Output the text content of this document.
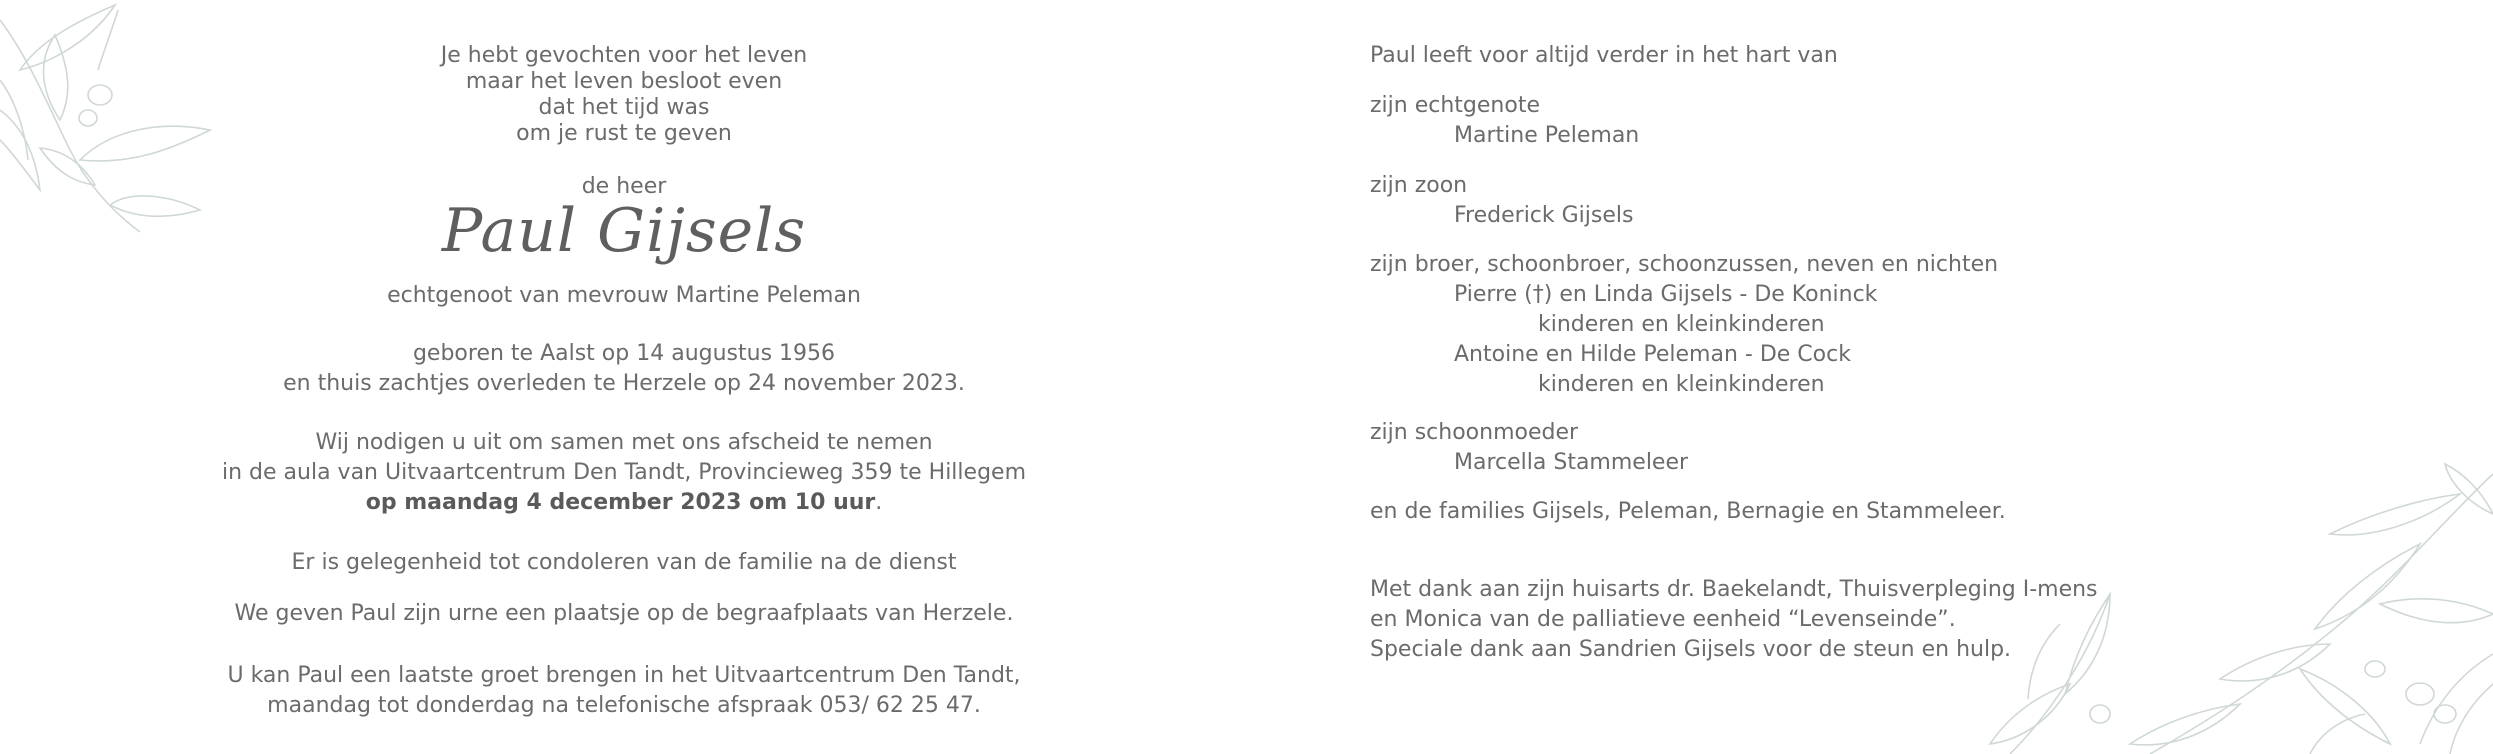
Je hebt gevochten voor het leven
maar het leven besloot even
dat het tijd was
om je rust te geven
de heer
Paul Gijsels
echtgenoot van mevrouw Martine Peleman
geboren te Aalst op 14 augustus 1956
en thuis zachtjes overleden te Herzele op 24 november 2023.
Wij nodigen u uit om samen met ons afscheid te nemen
in de aula van Uitvaartcentrum Den Tandt, Provincieweg 359 te Hillegem
op maandag 4 december 2023 om 10 uur.
Er is gelegenheid tot condoleren van de familie na de dienst
We geven Paul zijn urne een plaatsje op de begraafplaats van Herzele.
U kan Paul een laatste groet brengen in het Uitvaartcentrum Den Tandt,
maandag tot donderdag na telefonische afspraak 053/ 62 25 47.
Paul leeft voor altijd verder in het hart van
zijn echtgenote
Martine Peleman
zijn zoon
Frederick Gijsels
zijn broer, schoonbroer, schoonzussen, neven en nichten
Pierre (†) en Linda Gijsels - De Koninck
kinderen en kleinkinderen
Antoine en Hilde Peleman - De Cock
kinderen en kleinkinderen
zijn schoonmoeder
Marcella Stammeleer
en de families Gijsels, Peleman, Bernagie en Stammeleer.
Met dank aan zijn huisarts dr. Baekelandt, Thuisverpleging I-mens
en Monica van de palliatieve eenheid “Levenseinde”.
Speciale dank aan Sandrien Gijsels voor de steun en hulp.
